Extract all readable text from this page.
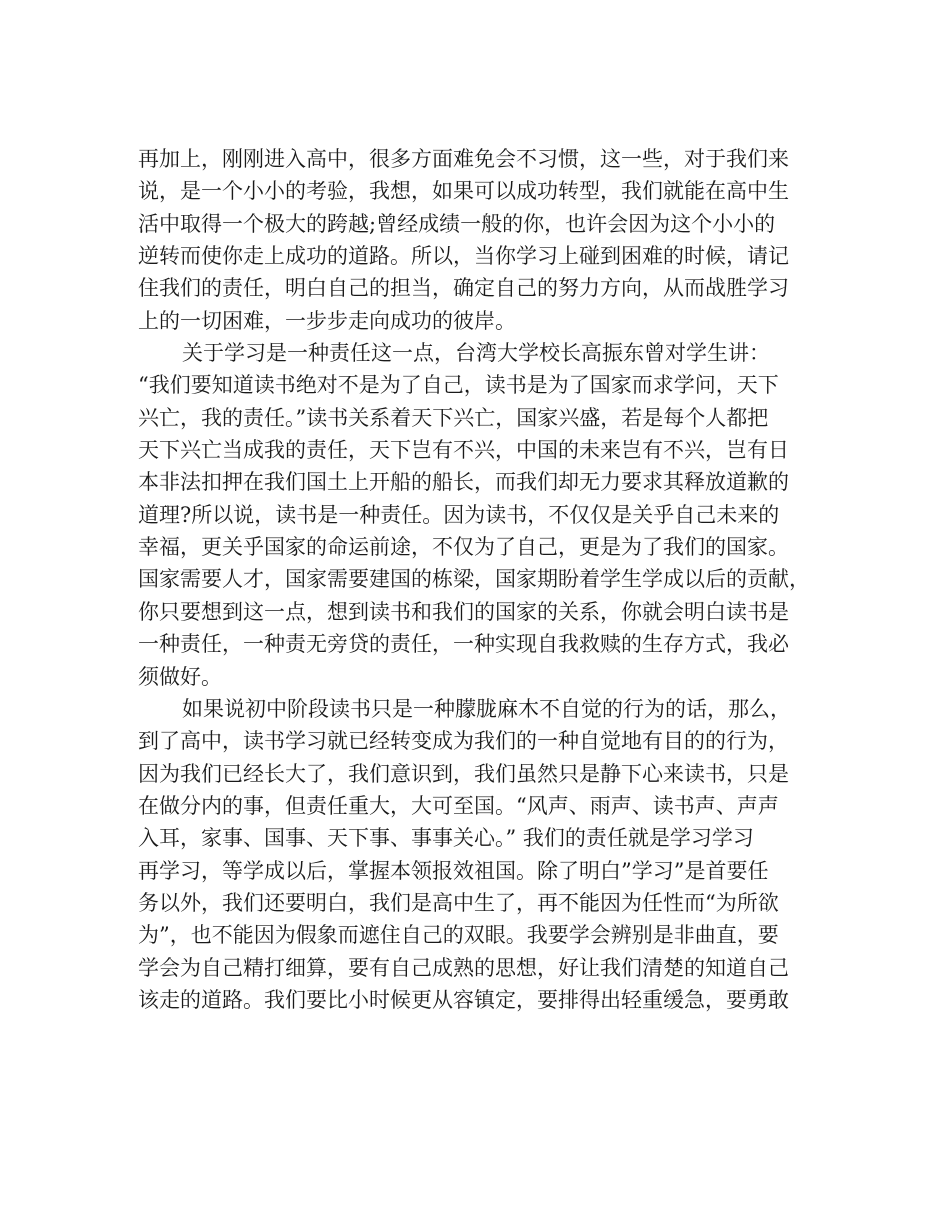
再加上，刚刚进入高中，很多方面难免会不习惯，这一些，对于我们来
说，是一个小小的考验，我想，如果可以成功转型，我们就能在高中生
活中取得一个极大的跨越;曾经成绩一般的你，也许会因为这个小小的
逆转而使你走上成功的道路。所以，当你学习上碰到困难的时候，请记
住我们的责任，明白自己的担当，确定自己的努力方向，从而战胜学习
上的一切困难，一步步走向成功的彼岸。
关于学习是一种责任这一点，台湾大学校长高振东曾对学生讲：
“我们要知道读书绝对不是为了自己，读书是为了国家而求学问，天下
兴亡，我的责任。”读书关系着天下兴亡，国家兴盛，若是每个人都把
天下兴亡当成我的责任，天下岂有不兴，中国的未来岂有不兴，岂有日
本非法扣押在我们国土上开船的船长，而我们却无力要求其释放道歉的
道理?所以说，读书是一种责任。因为读书，不仅仅是关乎自己未来的
幸福，更关乎国家的命运前途，不仅为了自己，更是为了我们的国家。
国家需要人才，国家需要建国的栋梁，国家期盼着学生学成以后的贡献，
你只要想到这一点，想到读书和我们的国家的关系，你就会明白读书是
一种责任，一种责无旁贷的责任，一种实现自我救赎的生存方式，我必
须做好。
如果说初中阶段读书只是一种朦胧麻木不自觉的行为的话，那么，
到了高中，读书学习就已经转变成为我们的一种自觉地有目的的行为，
因为我们已经长大了，我们意识到，我们虽然只是静下心来读书，只是
在做分内的事，但责任重大，大可至国。“风声、雨声、读书声、声声
入耳，家事、国事、天下事、事事关心。” 我们的责任就是学习学习
再学习，等学成以后，掌握本领报效祖国。除了明白”学习”是首要任
务以外，我们还要明白，我们是高中生了，再不能因为任性而“为所欲
为”，也不能因为假象而遮住自己的双眼。我要学会辨别是非曲直，要
学会为自己精打细算，要有自己成熟的思想，好让我们清楚的知道自己
该走的道路。我们要比小时候更从容镇定，要排得出轻重缓急，要勇敢
